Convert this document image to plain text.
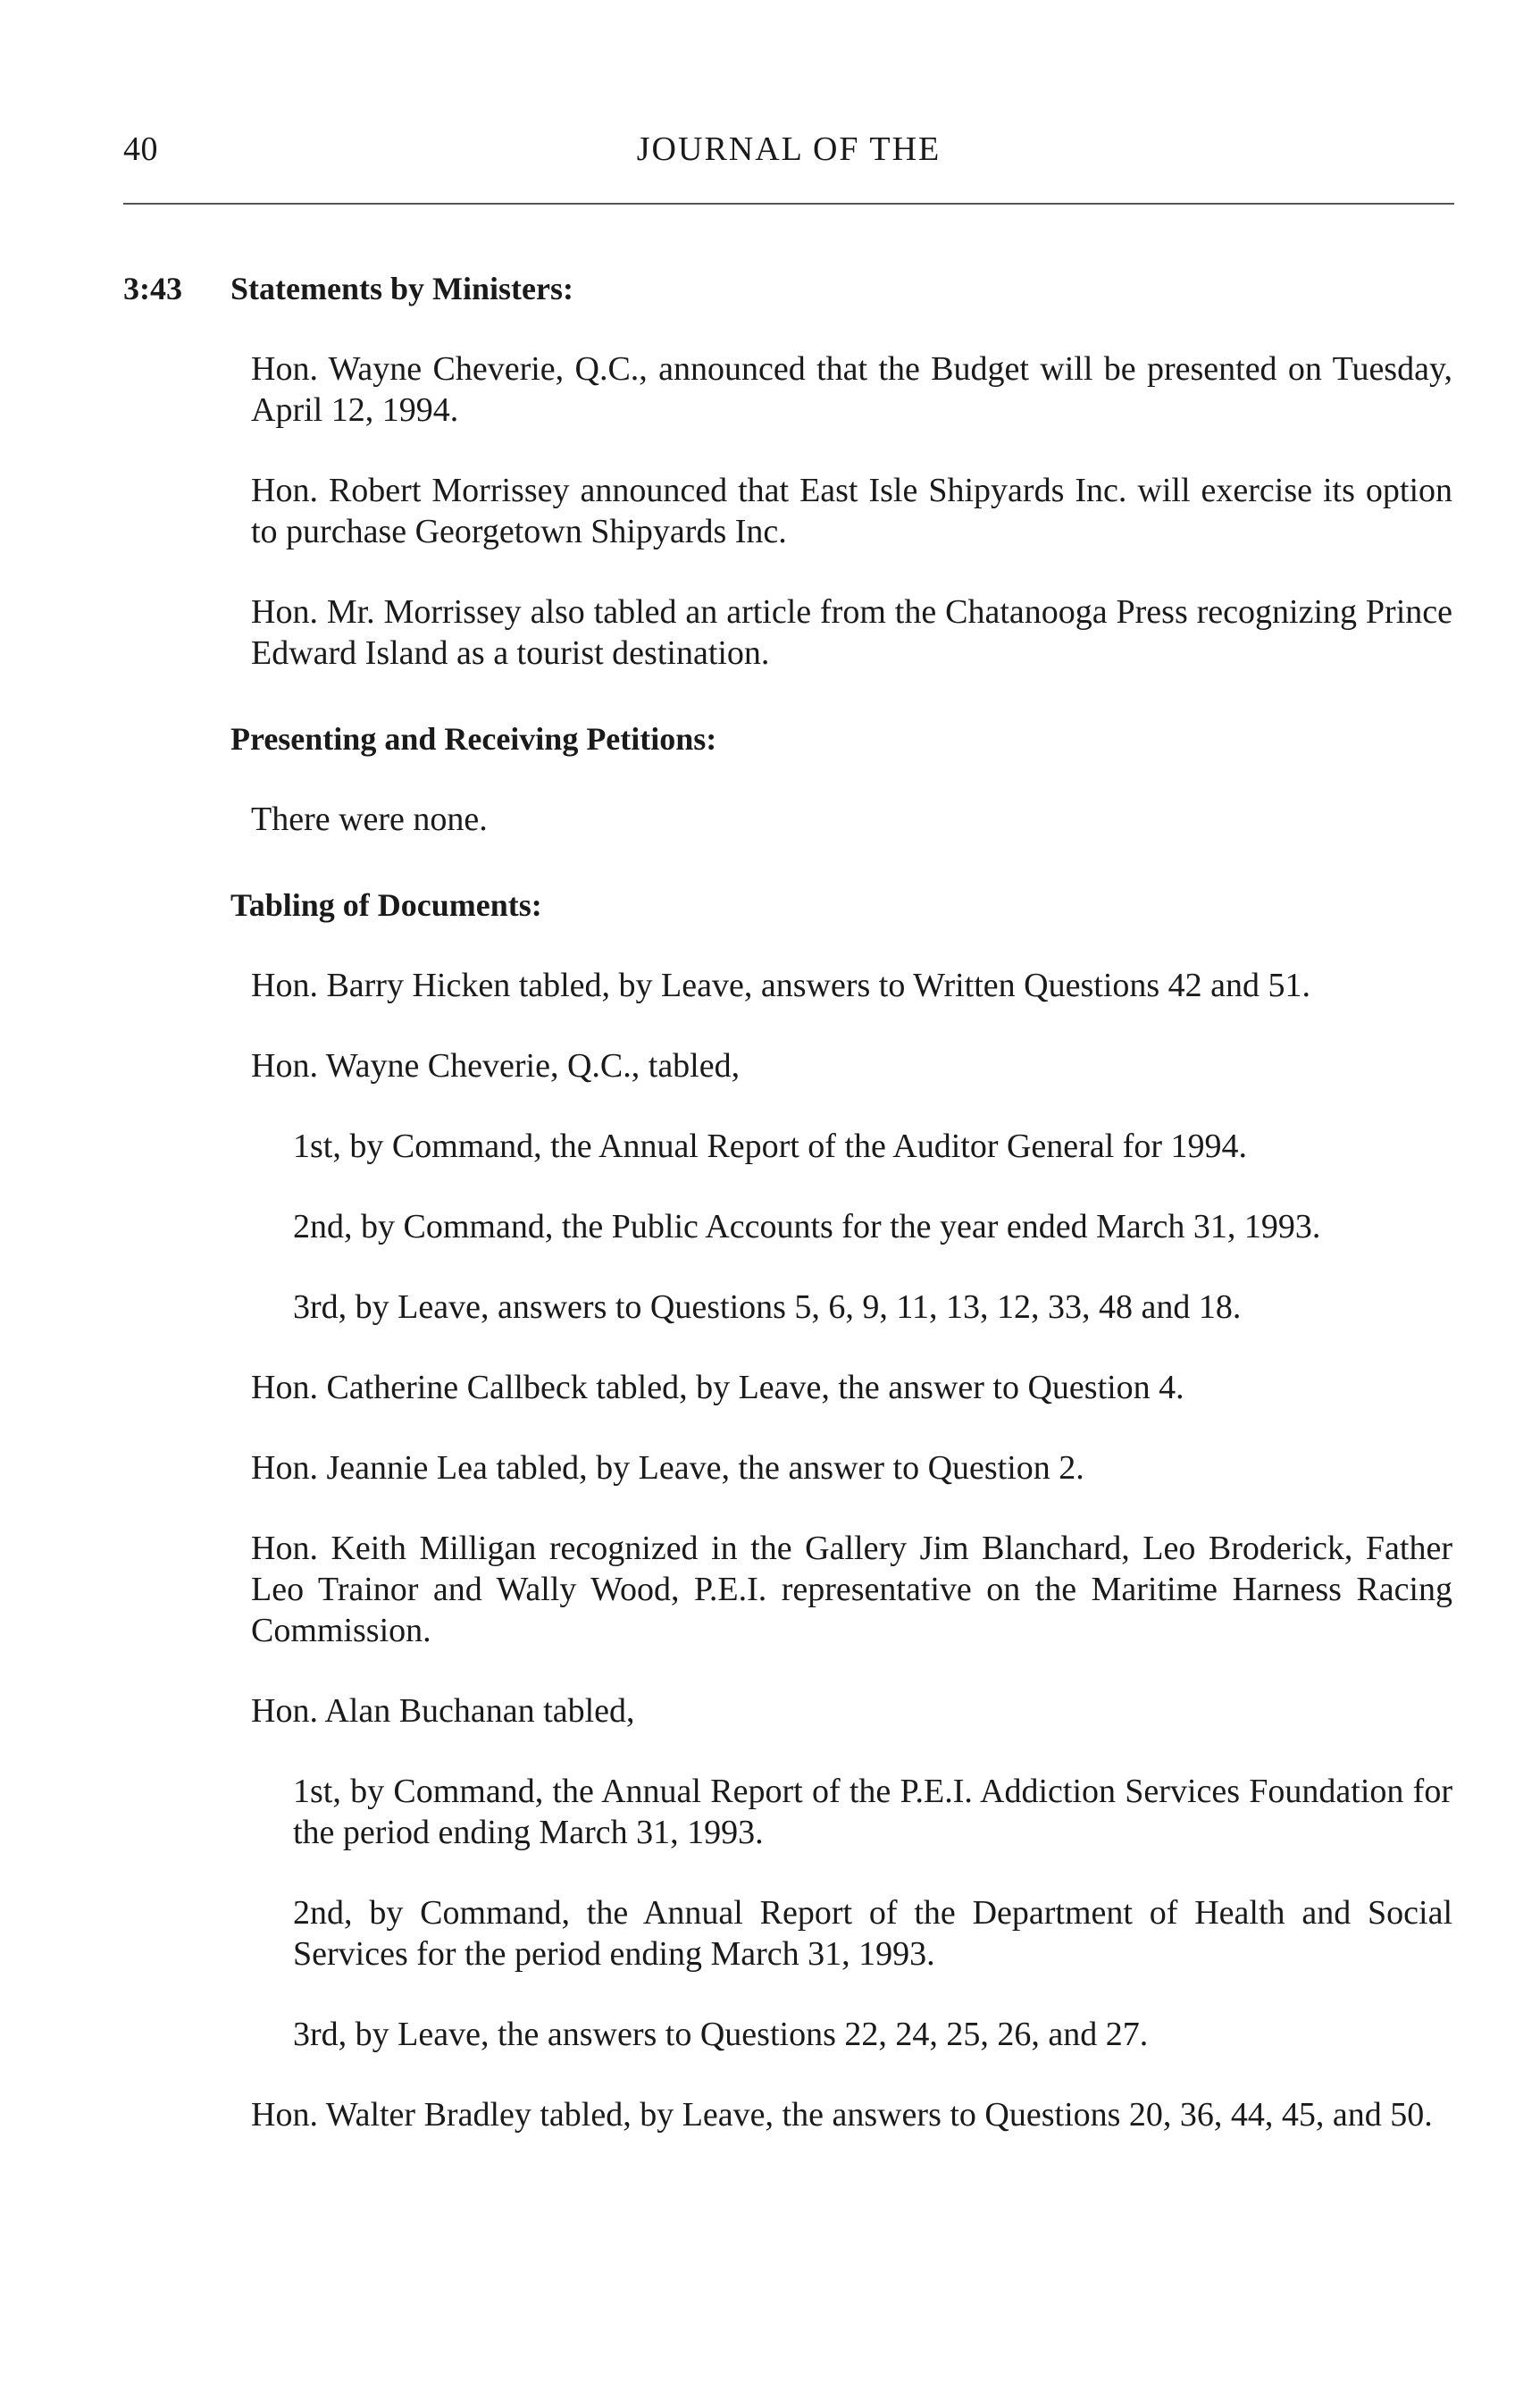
40	JOURNAL OF THE
3:43 Statements by Ministers:

Hon. Wayne Cheverie, Q.C., announced that the Budget will be presented on Tuesday, April 12, 1994.

Hon. Robert Morrissey announced that East Isle Shipyards Inc. will exercise its option to purchase Georgetown Shipyards Inc.

Hon. Mr. Morrissey also tabled an article from the Chatanooga Press recognizing Prince Edward Island as a tourist destination.

Presenting and Receiving Petitions:

There were none.

Tabling of Documents:

Hon. Barry Hicken tabled, by Leave, answers to Written Questions 42 and 51.

Hon. Wayne Cheverie, Q.C., tabled,

1st, by Command, the Annual Report of the Auditor General for 1994.

2nd, by Command, the Public Accounts for the year ended March 31, 1993.

3rd, by Leave, answers to Questions 5, 6, 9, 11, 13, 12, 33, 48 and 18.

Hon. Catherine Callbeck tabled, by Leave, the answer to Question 4.

Hon. Jeannie Lea tabled, by Leave, the answer to Question 2.

Hon. Keith Milligan recognized in the Gallery Jim Blanchard, Leo Broderick, Father Leo Trainor and Wally Wood, P.E.I. representative on the Maritime Harness Racing Commission.

Hon. Alan Buchanan tabled,

1st, by Command, the Annual Report of the P.E.I. Addiction Services Foundation for the period ending March 31, 1993.

2nd, by Command, the Annual Report of the Department of Health and Social Services for the period ending March 31, 1993.

3rd, by Leave, the answers to Questions 22, 24, 25, 26, and 27.

Hon. Walter Bradley tabled, by Leave, the answers to Questions 20, 36, 44, 45, and 50.
